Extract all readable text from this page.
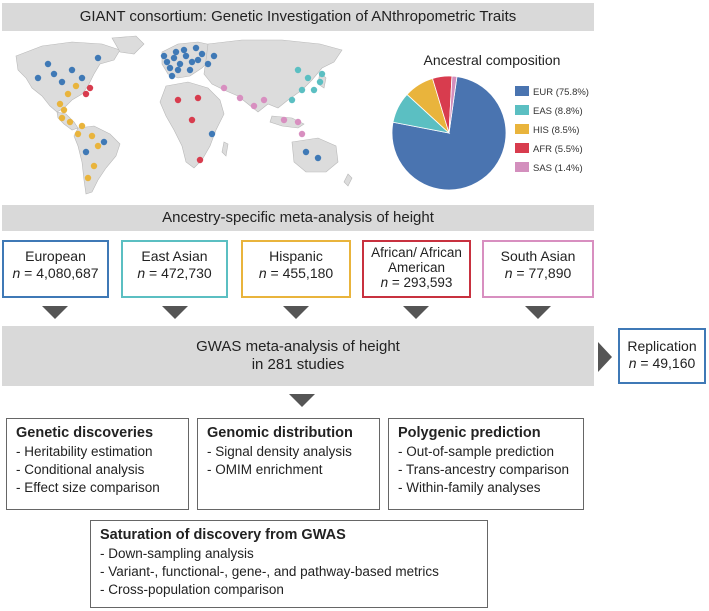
GIANT consortium: Genetic Investigation of ANthropometric Traits
Ancestral composition
EUR (75.8%)
EAS (8.8%)
HIS (8.5%)
AFR (5.5%)
SAS (1.4%)
Ancestry-specific meta-analysis of height
European
n = 4,080,687
East Asian
n = 472,730
Hispanic
n = 455,180
African/ African American
n = 293,593
South Asian
n = 77,890
GWAS meta-analysis of height
in 281 studies
Replication
n = 49,160
Genetic discoveries
- Heritability estimation
- Conditional analysis
- Effect size comparison
Genomic distribution
- Signal density analysis
- OMIM enrichment
Polygenic prediction
- Out-of-sample prediction
- Trans-ancestry comparison
- Within-family analyses
Saturation of discovery from GWAS
- Down-sampling analysis
- Variant-, functional-, gene-, and pathway-based metrics
- Cross-population comparison
